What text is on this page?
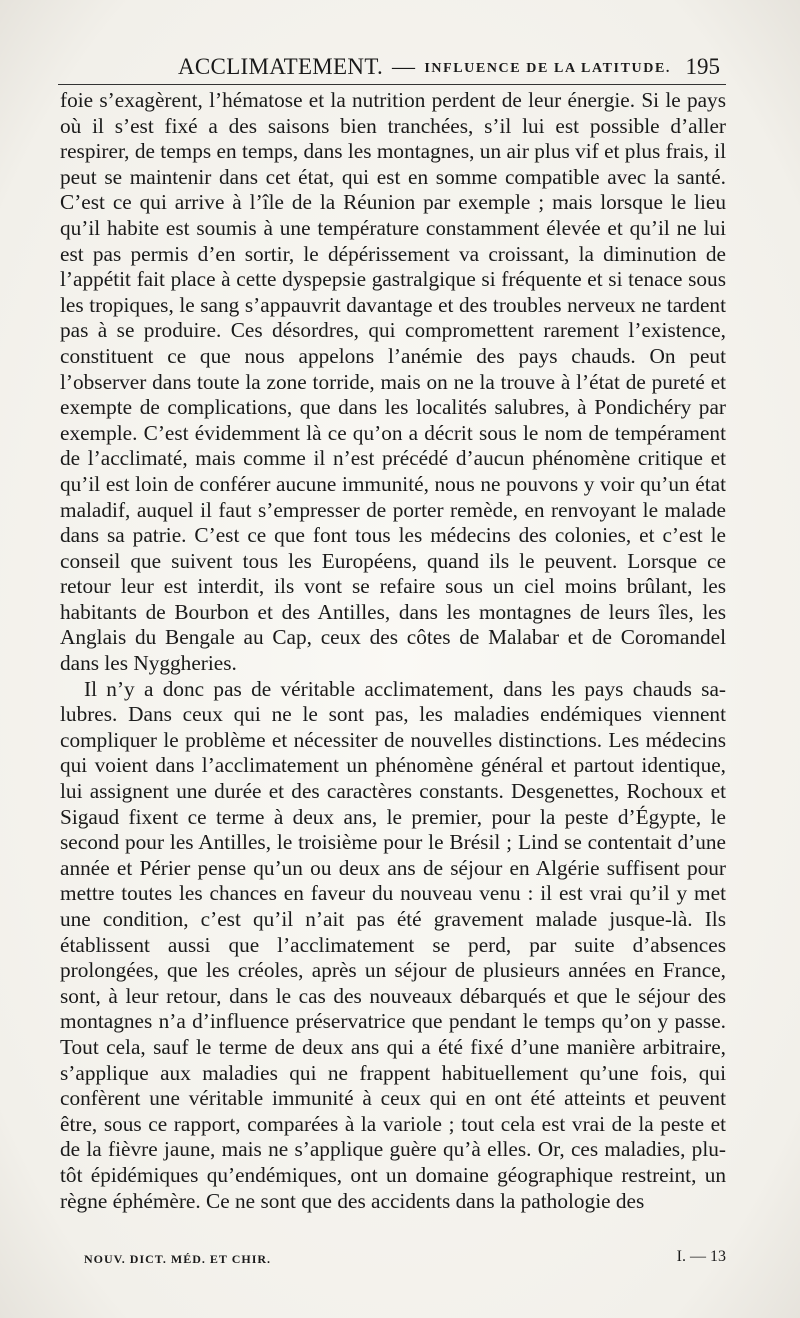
ACCLIMATEMENT. — INFLUENCE DE LA LATITUDE. 195

foie s’exagèrent, l’hématose et la nutrition perdent de leur énergie. Si le pays où il s’est fixé a des saisons bien tranchées, s’il lui est possible d’aller respirer, de temps en temps, dans les montagnes, un air plus vif et plus frais, il peut se maintenir dans cet état, qui est en somme compatible avec la santé. C’est ce qui arrive à l’île de la Réunion par exemple ; mais lorsque le lieu qu’il habite est soumis à une température constamment élevée et qu’il ne lui est pas permis d’en sortir, le dépérissement va croissant, la diminution de l’appétit fait place à cette dyspepsie gastralgique si fréquente et si tenace sous les tropiques, le sang s’appauvrit davantage et des troubles nerveux ne tardent pas à se produire. Ces désordres, qui compromettent rarement l’existence, constituent ce que nous appelons l’anémie des pays chauds. On peut l’observer dans toute la zone torride, mais on ne la trouve à l’état de pureté et exempte de complications, que dans les localités salubres, à Pondichéry par exemple. C’est évidemment là ce qu’on a décrit sous le nom de tempérament de l’acclimaté, mais comme il n’est précédé d’aucun phénomène critique et qu’il est loin de conférer aucune immunité, nous ne pouvons y voir qu’un état maladif, auquel il faut s’empresser de porter remède, en renvoyant le malade dans sa patrie. C’est ce que font tous les médecins des colonies, et c’est le conseil que suivent tous les Européens, quand ils le peuvent. Lorsque ce retour leur est interdit, ils vont se refaire sous un ciel moins brûlant, les habitants de Bourbon et des Antilles, dans les montagnes de leurs îles, les Anglais du Bengale au Cap, ceux des côtes de Malabar et de Coromandel dans les Nyggheries.

Il n’y a donc pas de véritable acclimatement, dans les pays chauds salubres. Dans ceux qui ne le sont pas, les maladies endémiques viennent compliquer le problème et nécessiter de nouvelles distinctions. Les médecins qui voient dans l’acclimatement un phénomène général et partout identique, lui assignent une durée et des caractères constants. Desgenettes, Rochoux et Sigaud fixent ce terme à deux ans, le premier, pour la peste d’Égypte, le second pour les Antilles, le troisième pour le Brésil ; Lind se contentait d’une année et Périer pense qu’un ou deux ans de séjour en Algérie suffisent pour mettre toutes les chances en faveur du nouveau venu : il est vrai qu’il y met une condition, c’est qu’il n’ait pas été gravement malade jusque-là. Ils établissent aussi que l’acclimatement se perd, par suite d’absences prolongées, que les créoles, après un séjour de plusieurs années en France, sont, à leur retour, dans le cas des nouveaux débarqués et que le séjour des montagnes n’a d’influence préservatrice que pendant le temps qu’on y passe. Tout cela, sauf le terme de deux ans qui a été fixé d’une manière arbitraire, s’applique aux maladies qui ne frappent habituellement qu’une fois, qui confèrent une véritable immunité à ceux qui en ont été atteints et peuvent être, sous ce rapport, comparées à la variole ; tout cela est vrai de la peste et de la fièvre jaune, mais ne s’applique guère qu’à elles. Or, ces maladies, plutôt épidémiques qu’endémiques, ont un domaine géographique restreint, un règne éphémère. Ce ne sont que des accidents dans la pathologie des

NOUV. DICT. MÉD. ET CHIR.	I. — 13
